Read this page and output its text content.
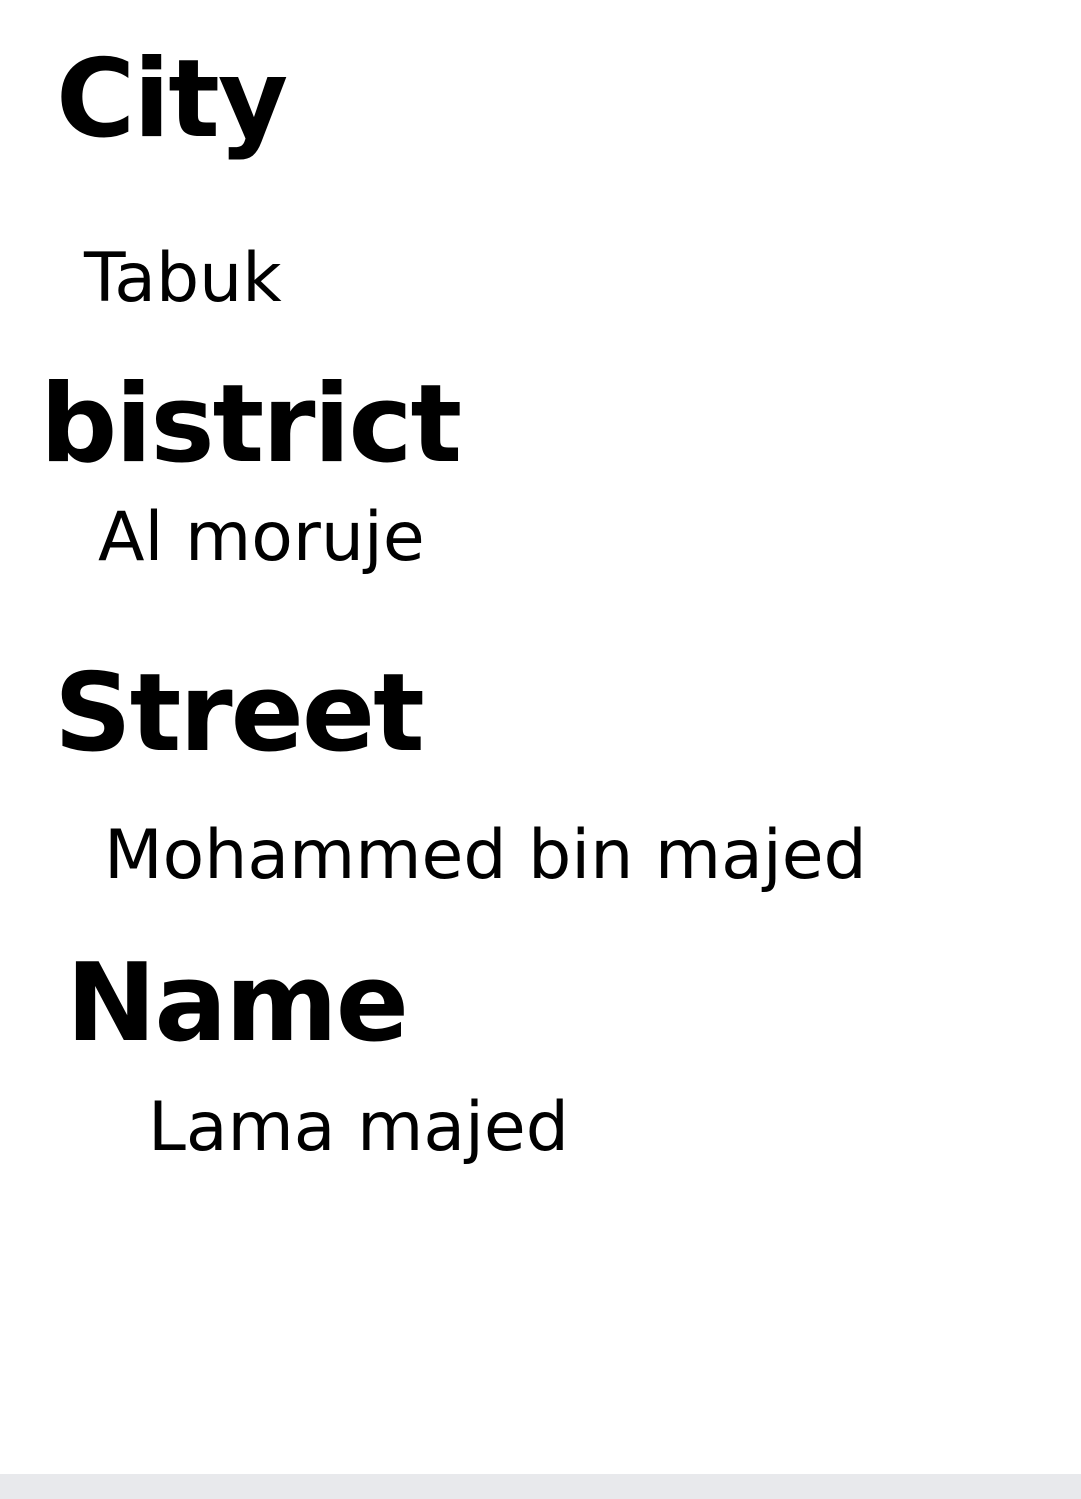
City

Tabuk

bistrict

Al moruje

Street

Mohammed bin majed

Name

Lama majed
